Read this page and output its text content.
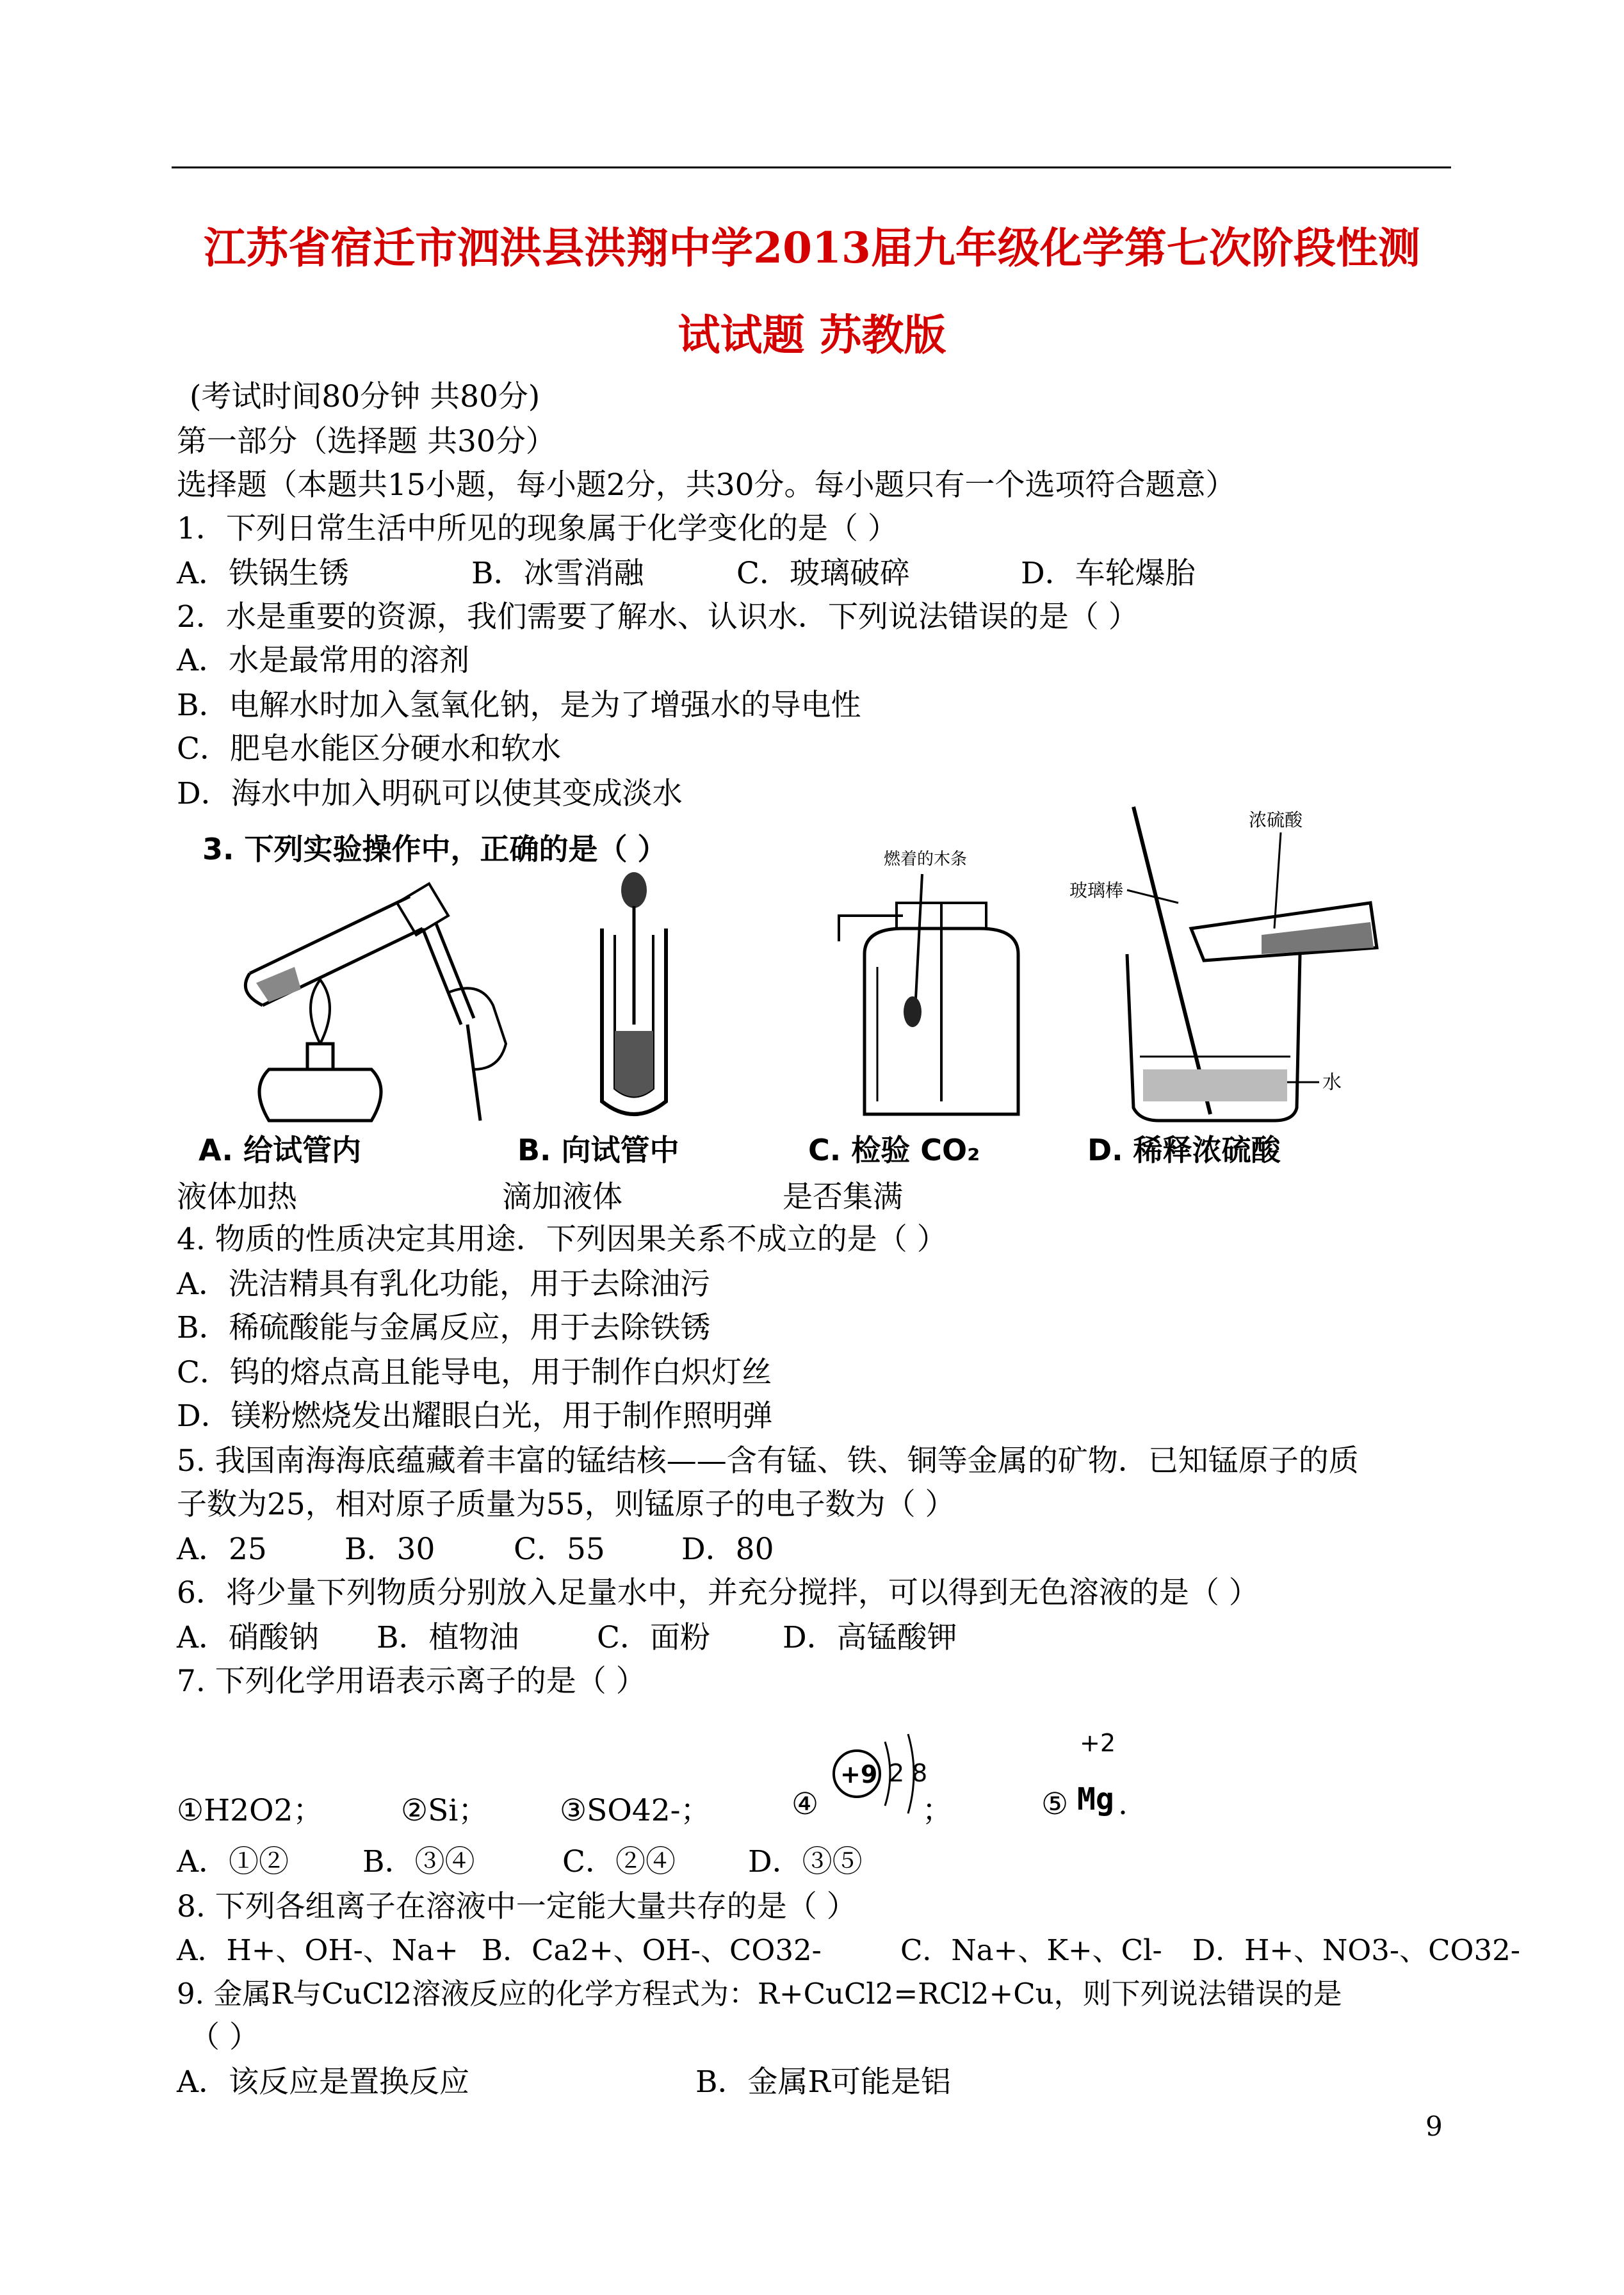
江苏省宿迁市泗洪县洪翔中学2013届九年级化学第七次阶段性测
试试题 苏教版
(考试时间80分钟 共80分)
第一部分（选择题 共30分）
选择题（本题共15小题，每小题2分，共30分。每小题只有一个选项符合题意）
1．下列日常生活中所见的现象属于化学变化的是（ ）
A．铁锅生锈	B．冰雪消融	C．玻璃破碎	D．车轮爆胎
2．水是重要的资源，我们需要了解水、认识水．下列说法错误的是（ ）
A．水是最常用的溶剂
B．电解水时加入氢氧化钠，是为了增强水的导电性
C．肥皂水能区分硬水和软水
D．海水中加入明矾可以使其变成淡水
3. 下列实验操作中，正确的是（ ）
A. 给试管内
液体加热
B. 向试管中
滴加液体
燃着的木条
C. 检验 CO₂
是否集满
浓硫酸
玻璃棒
水
D. 稀释浓硫酸
4. 物质的性质决定其用途．下列因果关系不成立的是（ ）
A．洗洁精具有乳化功能，用于去除油污
B．稀硫酸能与金属反应，用于去除铁锈
C．钨的熔点高且能导电，用于制作白炽灯丝
D．镁粉燃烧发出耀眼白光，用于制作照明弹
5. 我国南海海底蕴藏着丰富的锰结核——含有锰、铁、铜等金属的矿物．已知锰原子的质
子数为25，相对原子质量为55，则锰原子的电子数为（ ）
A．25	B．30	C．55	D．80
6．将少量下列物质分别放入足量水中，并充分搅拌，可以得到无色溶液的是（ ）
A．硝酸钠 B．植物油	C．面粉 D．高锰酸钾
7. 下列化学用语表示离子的是（ ）
①H2O2；	②Si； ③SO42-；	④
+9 2 8
；	⑤
+2
Mg .
A．①② B．③④	C．②④ D．③⑤
8. 下列各组离子在溶液中一定能大量共存的是（ ）
A．H+、OH-、Na+ B．Ca2+、OH-、CO32-	C．Na+、K+、Cl- D．H+、NO3-、CO32-
9. 金属R与CuCl2溶液反应的化学方程式为：R+CuCl2=RCl2+Cu，则下列说法错误的是
（ ）
A．该反应是置换反应	B．金属R可能是铝
9
